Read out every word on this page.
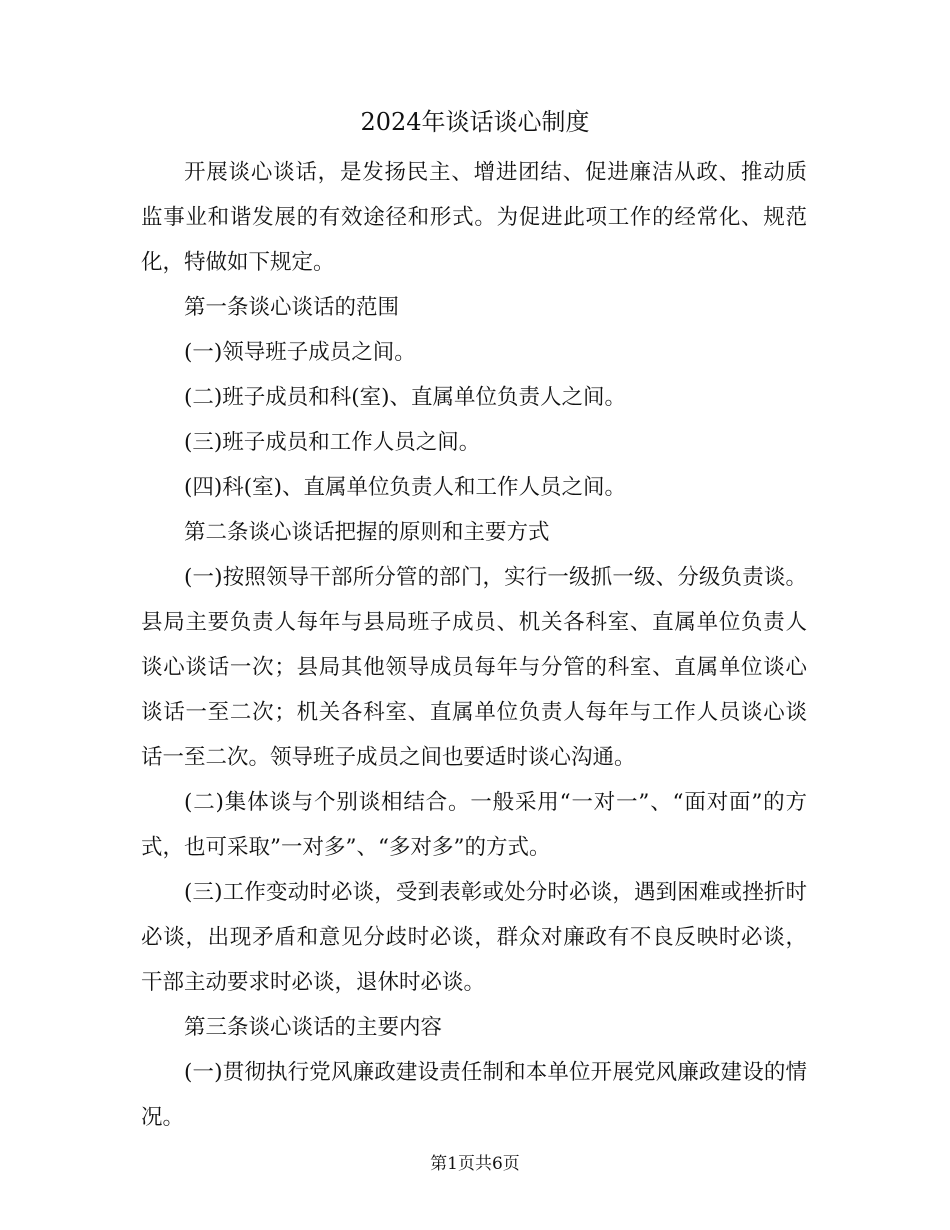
2024年谈话谈心制度

开展谈心谈话，是发扬民主、增进团结、促进廉洁从政、推动质监事业和谐发展的有效途径和形式。为促进此项工作的经常化、规范化，特做如下规定。

第一条谈心谈话的范围

(一)领导班子成员之间。

(二)班子成员和科(室)、直属单位负责人之间。

(三)班子成员和工作人员之间。

(四)科(室)、直属单位负责人和工作人员之间。

第二条谈心谈话把握的原则和主要方式

(一)按照领导干部所分管的部门，实行一级抓一级、分级负责谈。县局主要负责人每年与县局班子成员、机关各科室、直属单位负责人谈心谈话一次；县局其他领导成员每年与分管的科室、直属单位谈心谈话一至二次；机关各科室、直属单位负责人每年与工作人员谈心谈话一至二次。领导班子成员之间也要适时谈心沟通。

(二)集体谈与个别谈相结合。一般采用“一对一”、“面对面”的方式，也可采取”一对多”、“多对多”的方式。

(三)工作变动时必谈，受到表彰或处分时必谈，遇到困难或挫折时必谈，出现矛盾和意见分歧时必谈，群众对廉政有不良反映时必谈，干部主动要求时必谈，退休时必谈。

第三条谈心谈话的主要内容

(一)贯彻执行党风廉政建设责任制和本单位开展党风廉政建设的情况。

第1页共6页
